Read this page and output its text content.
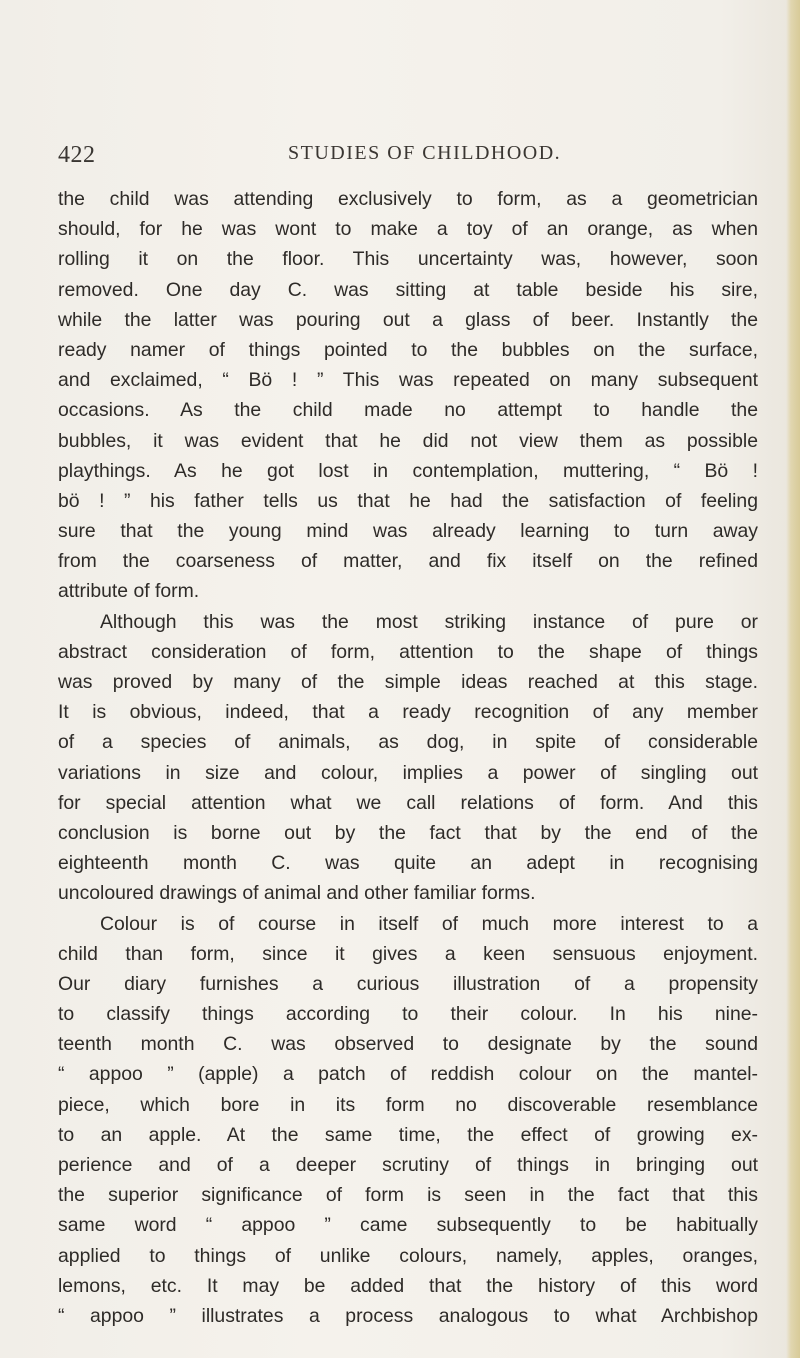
422	STUDIES OF CHILDHOOD.
the child was attending exclusively to form, as a geometrician
should, for he was wont to make a toy of an orange, as when
rolling it on the floor. This uncertainty was, however, soon
removed. One day C. was sitting at table beside his sire,
while the latter was pouring out a glass of beer. Instantly the
ready namer of things pointed to the bubbles on the surface,
and exclaimed, “ Bö ! ” This was repeated on many subsequent
occasions. As the child made no attempt to handle the
bubbles, it was evident that he did not view them as possible
playthings. As he got lost in contemplation, muttering, “ Bö !
bö ! ” his father tells us that he had the satisfaction of feeling
sure that the young mind was already learning to turn away
from the coarseness of matter, and fix itself on the refined
attribute of form.
Although this was the most striking instance of pure or
abstract consideration of form, attention to the shape of things
was proved by many of the simple ideas reached at this stage.
It is obvious, indeed, that a ready recognition of any member
of a species of animals, as dog, in spite of considerable
variations in size and colour, implies a power of singling out
for special attention what we call relations of form. And this
conclusion is borne out by the fact that by the end of the
eighteenth month C. was quite an adept in recognising
uncoloured drawings of animal and other familiar forms.
Colour is of course in itself of much more interest to a
child than form, since it gives a keen sensuous enjoyment.
Our diary furnishes a curious illustration of a propensity
to classify things according to their colour. In his nine-
teenth month C. was observed to designate by the sound
“ appoo ” (apple) a patch of reddish colour on the mantel-
piece, which bore in its form no discoverable resemblance
to an apple. At the same time, the effect of growing ex-
perience and of a deeper scrutiny of things in bringing out
the superior significance of form is seen in the fact that this
same word “ appoo ” came subsequently to be habitually
applied to things of unlike colours, namely, apples, oranges,
lemons, etc. It may be added that the history of this word
“ appoo ” illustrates a process analogous to what Archbishop
